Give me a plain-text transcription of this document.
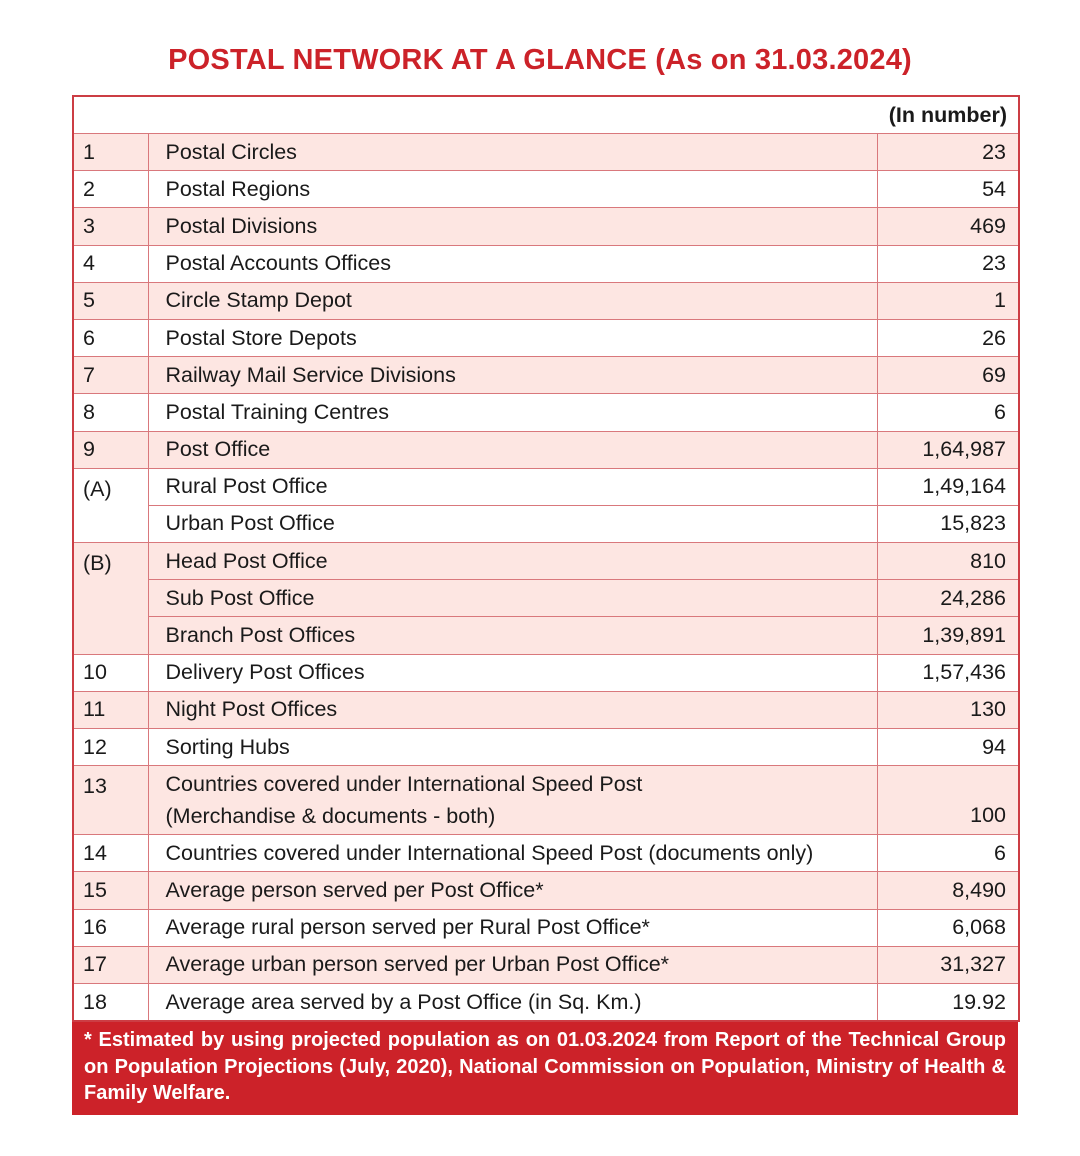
POSTAL NETWORK AT A GLANCE (As on 31.03.2024)
(In number)		
1	Postal Circles	23
2	Postal Regions	54
3	Postal Divisions	469
4	Postal Accounts Offices	23
5	Circle Stamp Depot	1
6	Postal Store Depots	26
7	Railway Mail Service Divisions	69
8	Postal Training Centres	6
9	Post Office	1,64,987
(A)	Rural Post Office	1,49,164
	Urban Post Office	15,823
(B)	Head Post Office	810
	Sub Post Office	24,286
	Branch Post Offices	1,39,891
10	Delivery Post Offices	1,57,436
11	Night Post Offices	130
12	Sorting Hubs	94
13	Countries covered under International Speed Post
(Merchandise & documents - both)	100
14	Countries covered under International Speed Post (documents only)	6
15	Average person served per Post Office*	8,490
16	Average rural person served per Rural Post Office*	6,068
17	Average urban person served per Urban Post Office*	31,327
18	Average area served by a Post Office (in Sq. Km.)	19.92
* Estimated by using projected population as on 01.03.2024 from Report of the Technical Group on Population Projections (July, 2020), National Commission on Population, Ministry of Health & Family Welfare.
